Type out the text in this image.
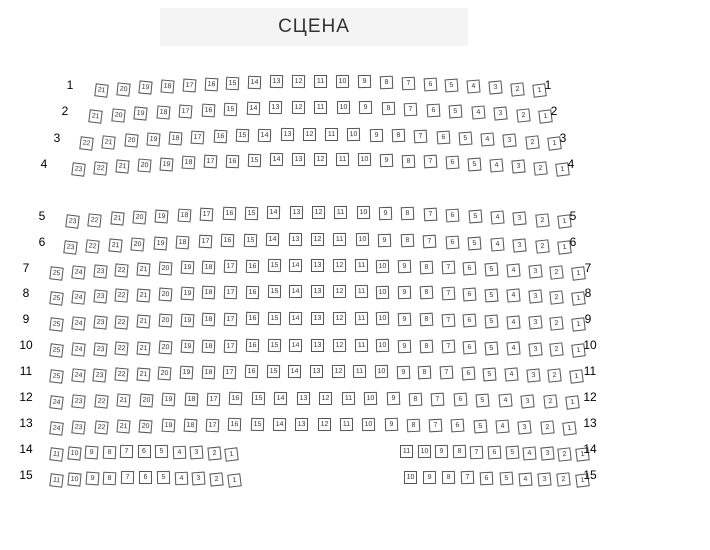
СЦЕНА
21	20	19	18	17	16	15	14	13	12	11	10	9	8	7	6	5	4	3	2	1
1	1
21	20	19	18	17	16	15	14	13	12	11	10	9	8	7	6	5	4	3	2	1
2	2
22	21	20	19	18	17	16	15	14	13	12	11	10	9	8	7	6	5	4	3	2	1
3	3
23	22	21	20	19	18	17	16	15	14	13	12	11	10	9	8	7	6	5	4	3	2	1
4	4
23	22	21	20	19	18	17	16	15	14	13	12	11	10	9	8	7	6	5	4	3	2	1
5	5
23	22	21	20	19	18	17	16	15	14	13	12	11	10	9	8	7	6	5	4	3	2	1
6	6
25	24	23	22	21	20	19	18	17	16	15	14	13	12	11	10	9	8	7	6	5	4	3	2	1
7	7
25	24	23	22	21	20	19	18	17	16	15	14	13	12	11	10	9	8	7	6	5	4	3	2	1
8	8
25	24	23	22	21	20	19	18	17	16	15	14	13	12	11	10	9	8	7	6	5	4	3	2	1
9	9
25	24	23	22	21	20	19	18	17	16	15	14	13	12	11	10	9	8	7	6	5	4	3	2	1
10	10
25	24	23	22	21	20	19	18	17	16	15	14	13	12	11	10	9	8	7	6	5	4	3	2	1
11	11
24	23	22	21	20	19	18	17	16	15	14	13	12	11	10	9	8	7	6	5	4	3	2	1
12	12
24	23	22	21	20	19	18	17	16	15	14	13	12	11	10	9	8	7	6	5	4	3	2	1
13	13
11	10	9	8	7	6	5	4	3	2	1	11	10	9	8	7	6	5	4	3	2	1
14	14
11	10	9	8	7	6	5	4	3	2	1	10	9	8	7	6	5	4	3	2	1
15	15
